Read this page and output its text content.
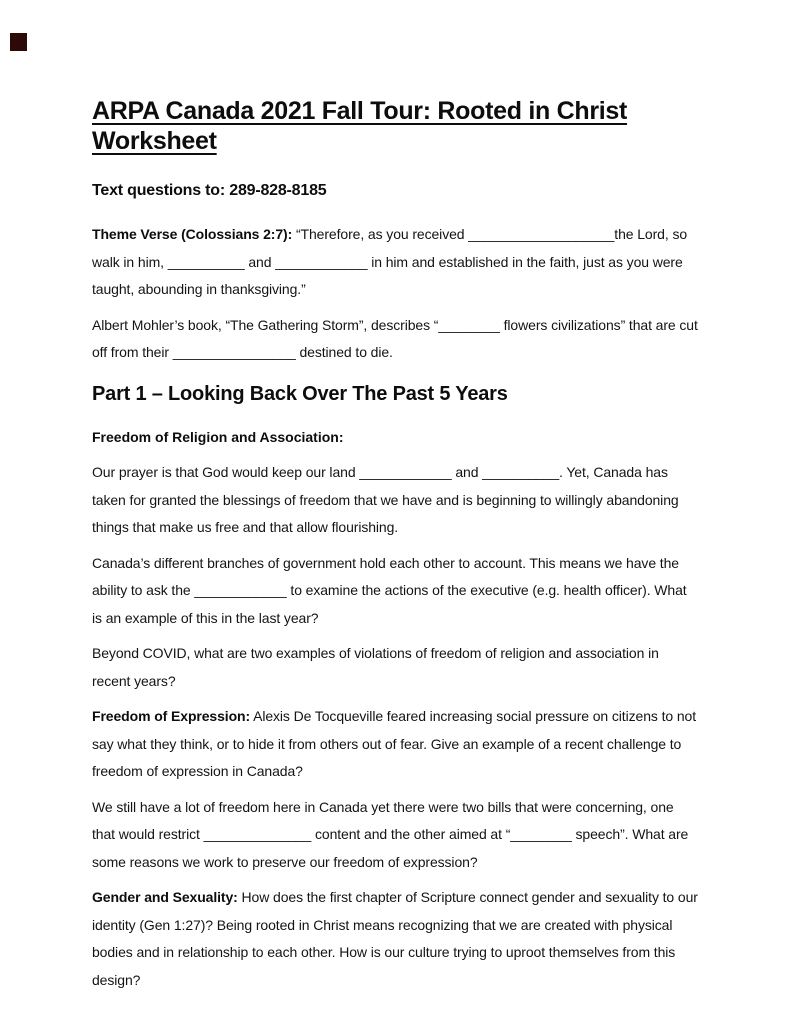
ARPA Canada 2021 Fall Tour: Rooted in Christ Worksheet
Text questions to: 289-828-8185

Theme Verse (Colossians 2:7): “Therefore, as you received ___________________the Lord, so walk in him, __________ and ____________ in him and established in the faith, just as you were taught, abounding in thanksgiving.”

Albert Mohler’s book, “The Gathering Storm”, describes “________ flowers civilizations” that are cut off from their ________________ destined to die.

Part 1 – Looking Back Over The Past 5 Years
Freedom of Religion and Association:

Our prayer is that God would keep our land ____________ and __________. Yet, Canada has taken for granted the blessings of freedom that we have and is beginning to willingly abandoning things that make us free and that allow flourishing.

Canada’s different branches of government hold each other to account. This means we have the ability to ask the ____________ to examine the actions of the executive (e.g. health officer). What is an example of this in the last year?

Beyond COVID, what are two examples of violations of freedom of religion and association in recent years?

Freedom of Expression: Alexis De Tocqueville feared increasing social pressure on citizens to not say what they think, or to hide it from others out of fear. Give an example of a recent challenge to freedom of expression in Canada?

We still have a lot of freedom here in Canada yet there were two bills that were concerning, one that would restrict ______________ content and the other aimed at “________ speech”. What are some reasons we work to preserve our freedom of expression?

Gender and Sexuality: How does the first chapter of Scripture connect gender and sexuality to our identity (Gen 1:27)? Being rooted in Christ means recognizing that we are created with physical bodies and in relationship to each other. How is our culture trying to uproot themselves from this design?
